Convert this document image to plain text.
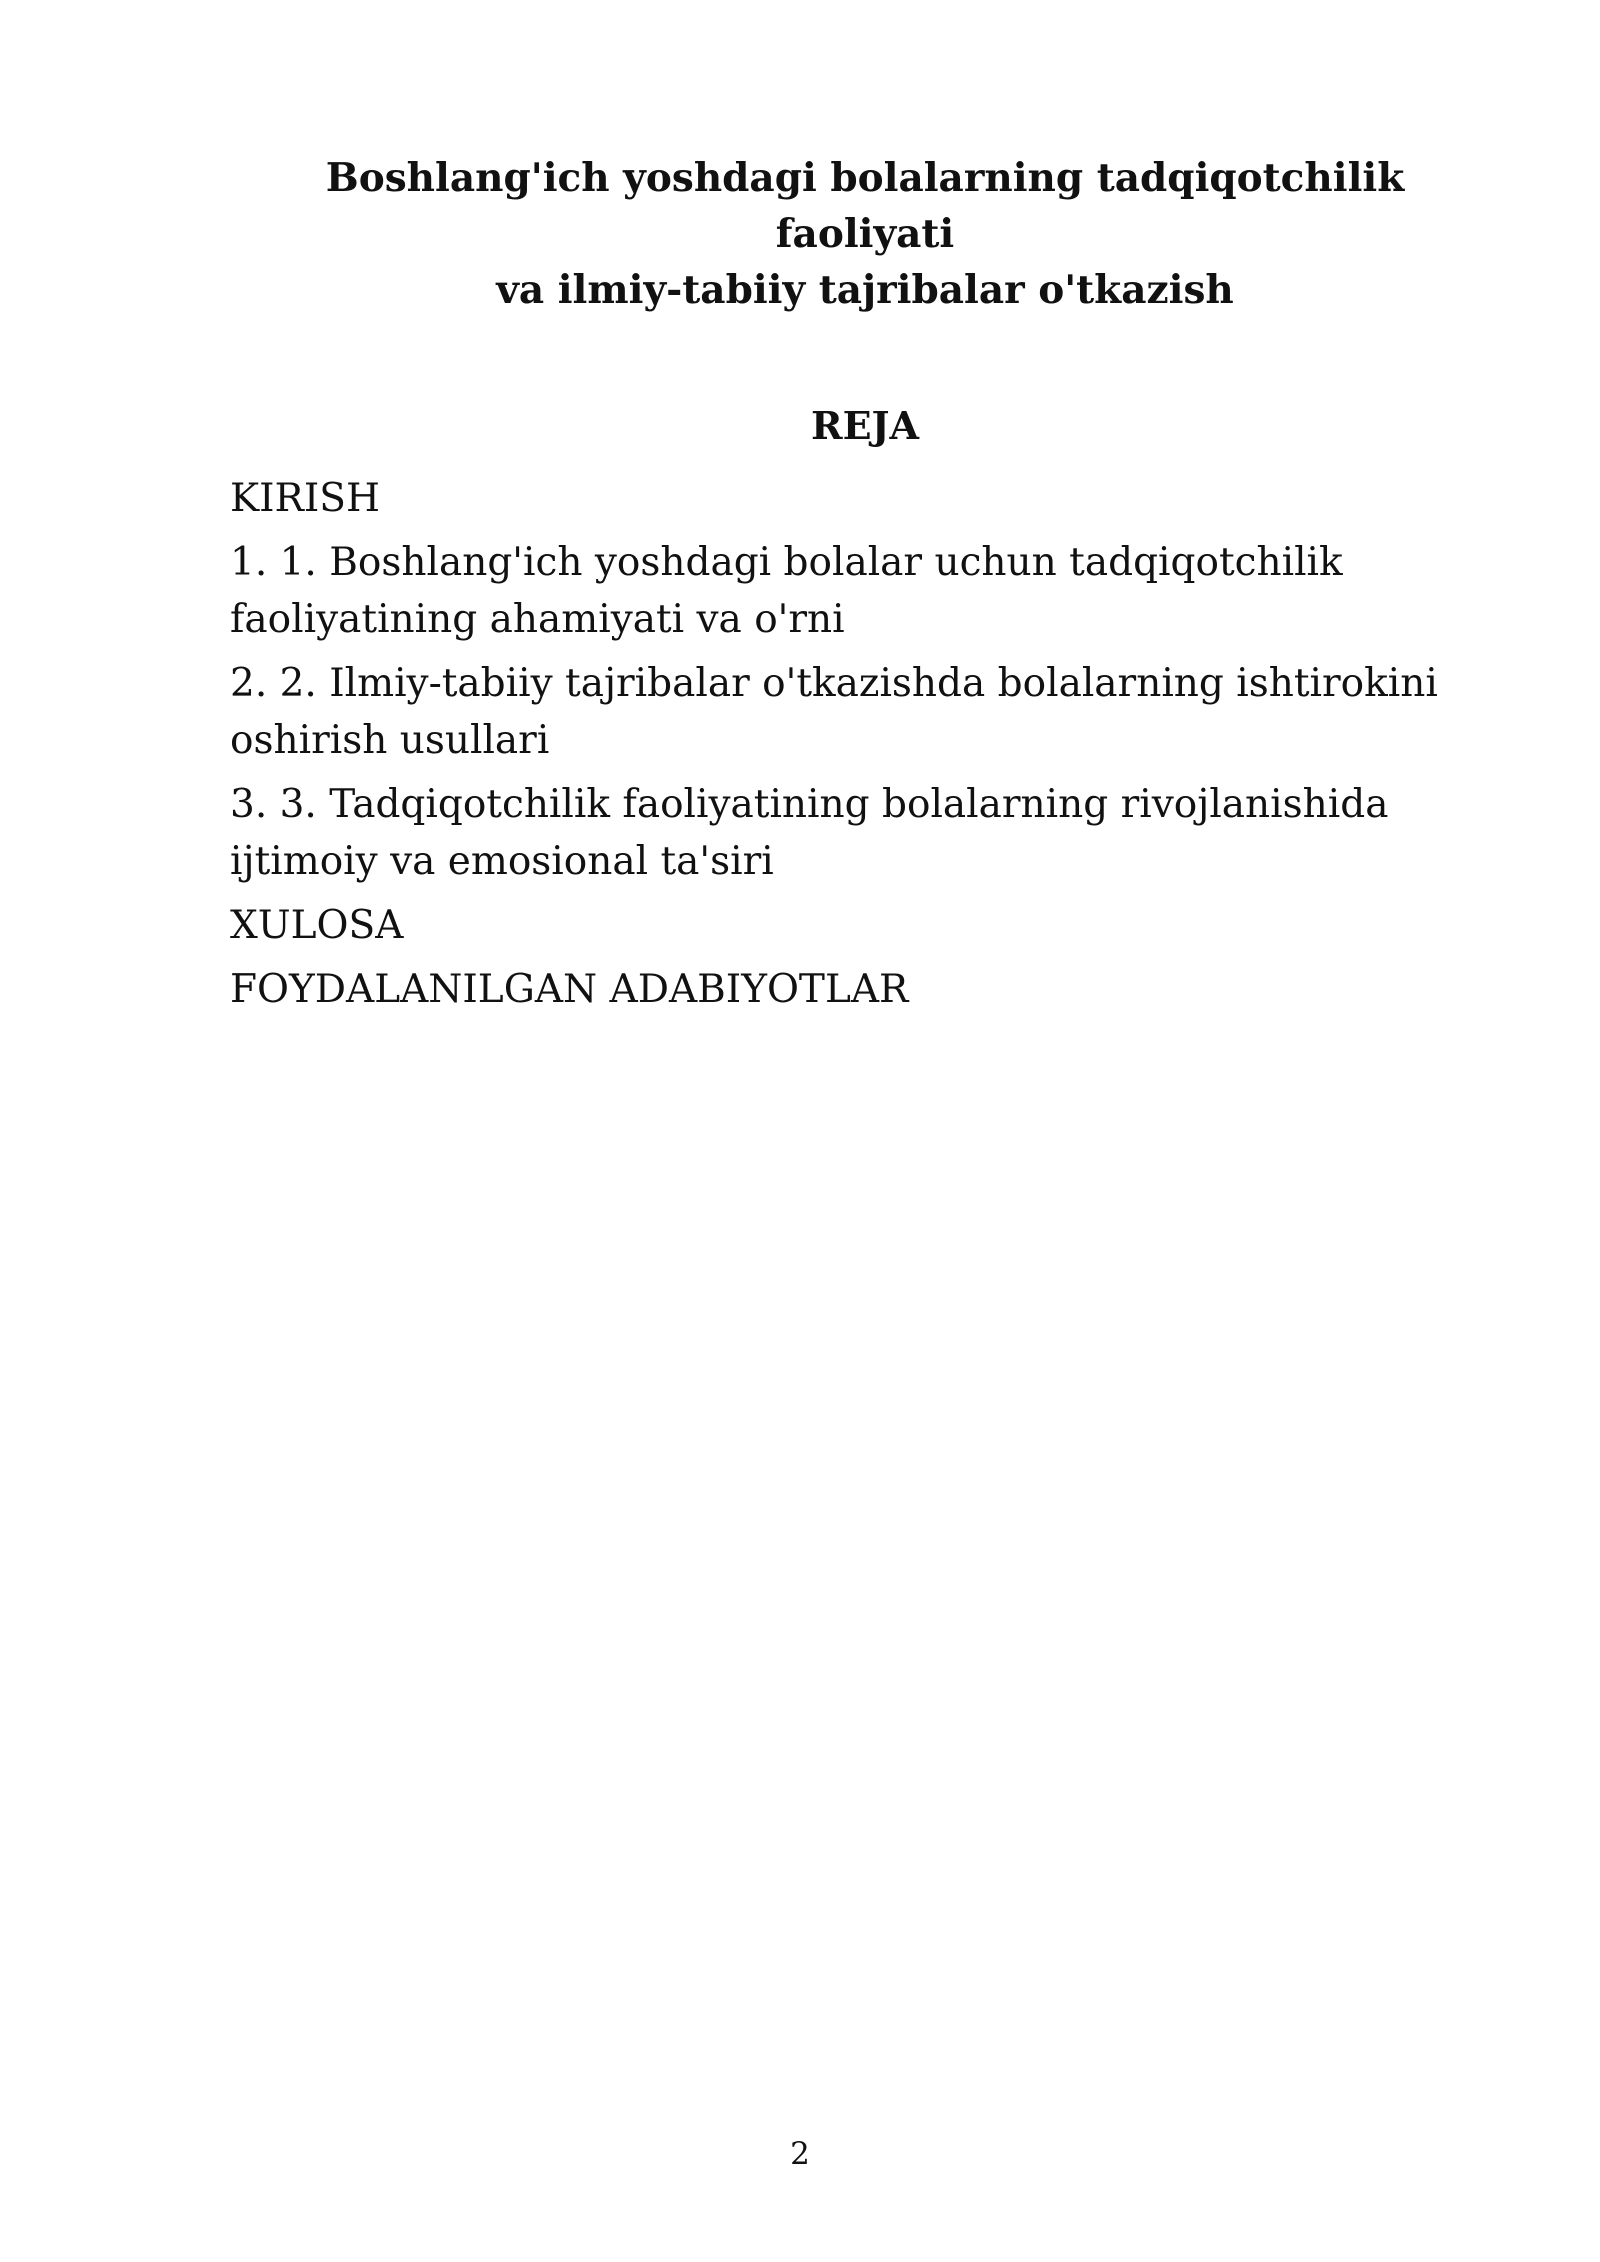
Boshlang'ich yoshdagi bolalarning tadqiqotchilik faoliyati
va ilmiy-tabiiy tajribalar o'tkazish
REJA
KIRISH
1. 1. Boshlang'ich yoshdagi bolalar uchun tadqiqotchilik
faoliyatining ahamiyati va o'rni
2. 2. Ilmiy-tabiiy tajribalar o'tkazishda bolalarning ishtirokini
oshirish usullari
3. 3. Tadqiqotchilik faoliyatining bolalarning rivojlanishida
ijtimoiy va emosional ta'siri
XULOSA
FOYDALANILGAN ADABIYOTLAR
2
